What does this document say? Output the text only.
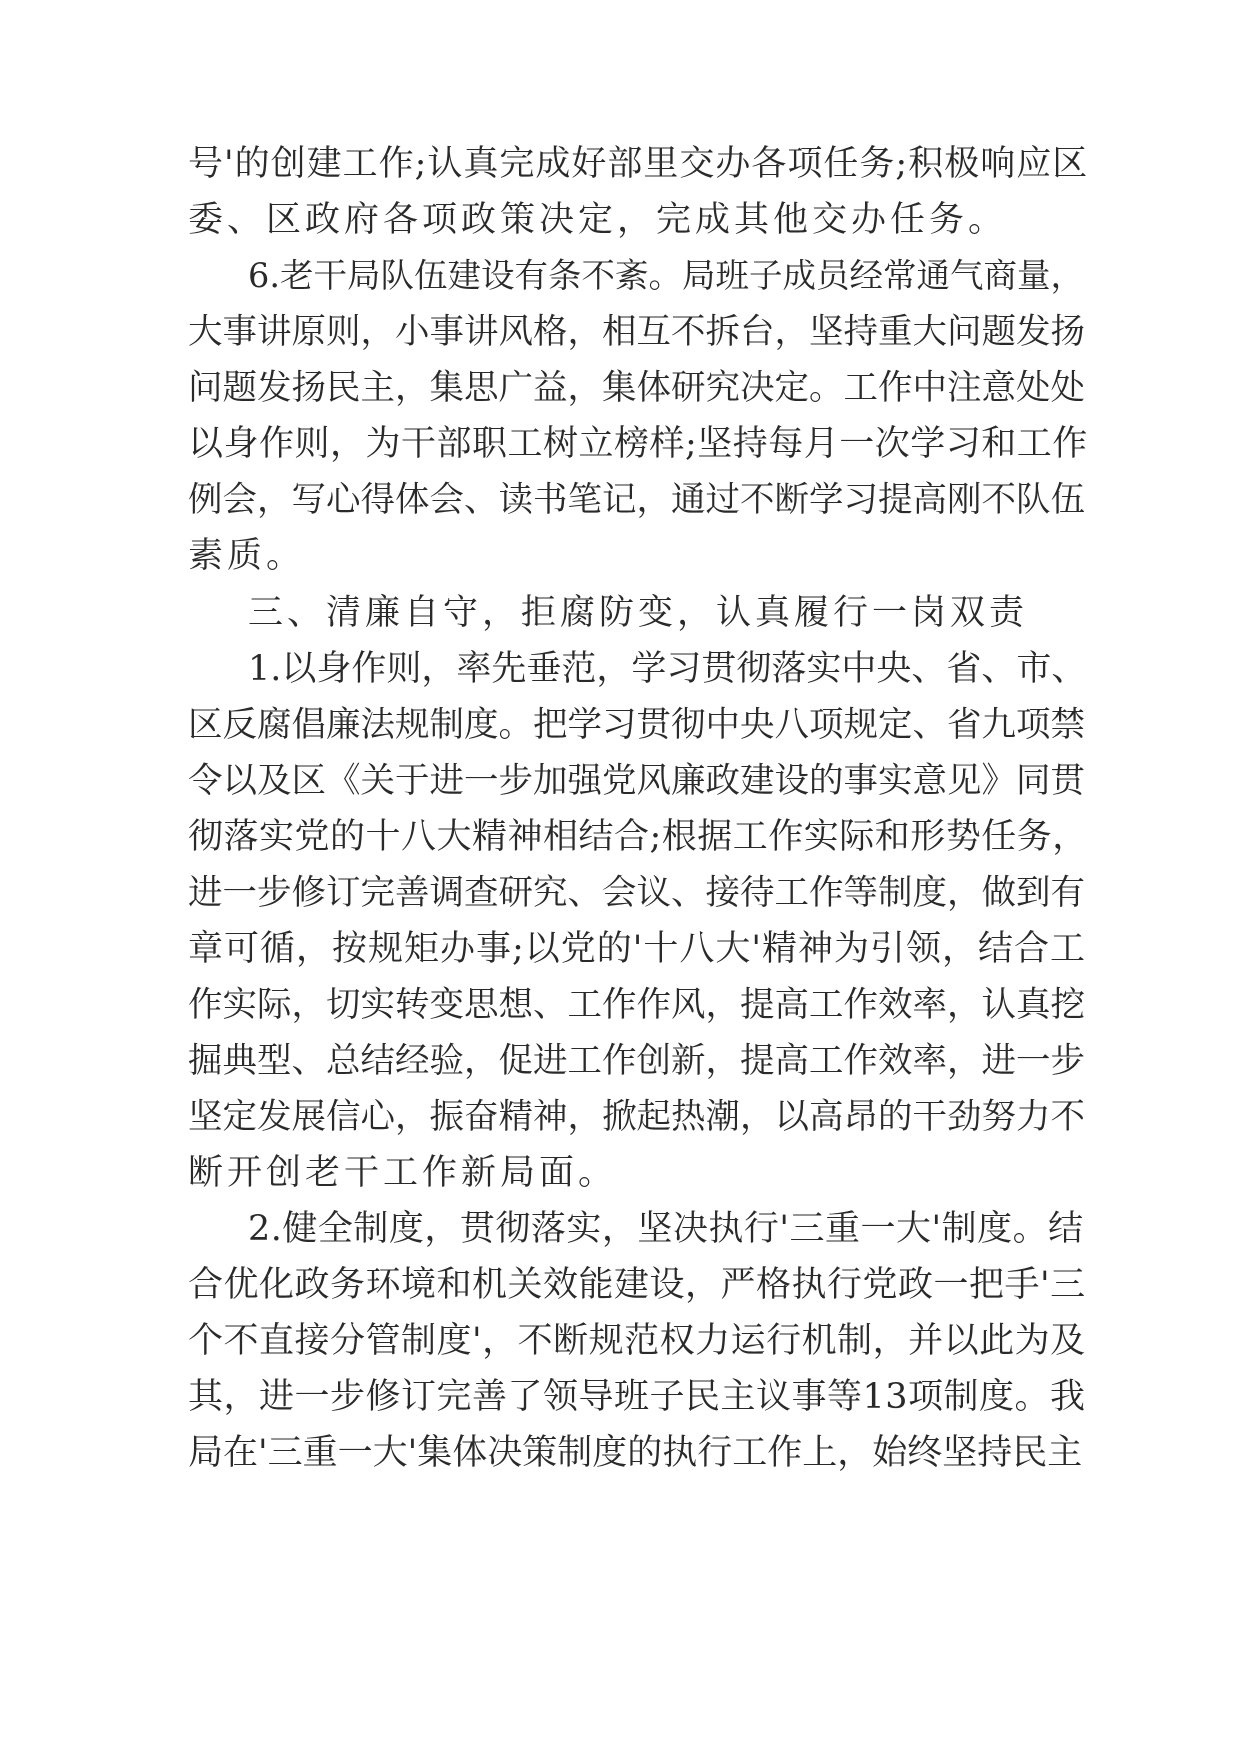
号'的创建工作;认真完成好部里交办各项任务;积极响应区
委、区政府各项政策决定，完成其他交办任务。
6.老干局队伍建设有条不紊。局班子成员经常通气商量，
大事讲原则，小事讲风格，相互不拆台，坚持重大问题发扬
问题发扬民主，集思广益，集体研究决定。工作中注意处处
以身作则，为干部职工树立榜样;坚持每月一次学习和工作
例会，写心得体会、读书笔记，通过不断学习提高刚不队伍
素质。
三、清廉自守，拒腐防变，认真履行一岗双责
1.以身作则，率先垂范，学习贯彻落实中央、省、市、
区反腐倡廉法规制度。把学习贯彻中央八项规定、省九项禁
令以及区《关于进一步加强党风廉政建设的事实意见》同贯
彻落实党的十八大精神相结合;根据工作实际和形势任务，
进一步修订完善调查研究、会议、接待工作等制度，做到有
章可循，按规矩办事;以党的'十八大'精神为引领，结合工
作实际，切实转变思想、工作作风，提高工作效率，认真挖
掘典型、总结经验，促进工作创新，提高工作效率，进一步
坚定发展信心，振奋精神，掀起热潮，以高昂的干劲努力不
断开创老干工作新局面。
2.健全制度，贯彻落实，坚决执行'三重一大'制度。结
合优化政务环境和机关效能建设，严格执行党政一把手'三
个不直接分管制度'，不断规范权力运行机制，并以此为及
其，进一步修订完善了领导班子民主议事等13项制度。我
局在'三重一大'集体决策制度的执行工作上，始终坚持民主
